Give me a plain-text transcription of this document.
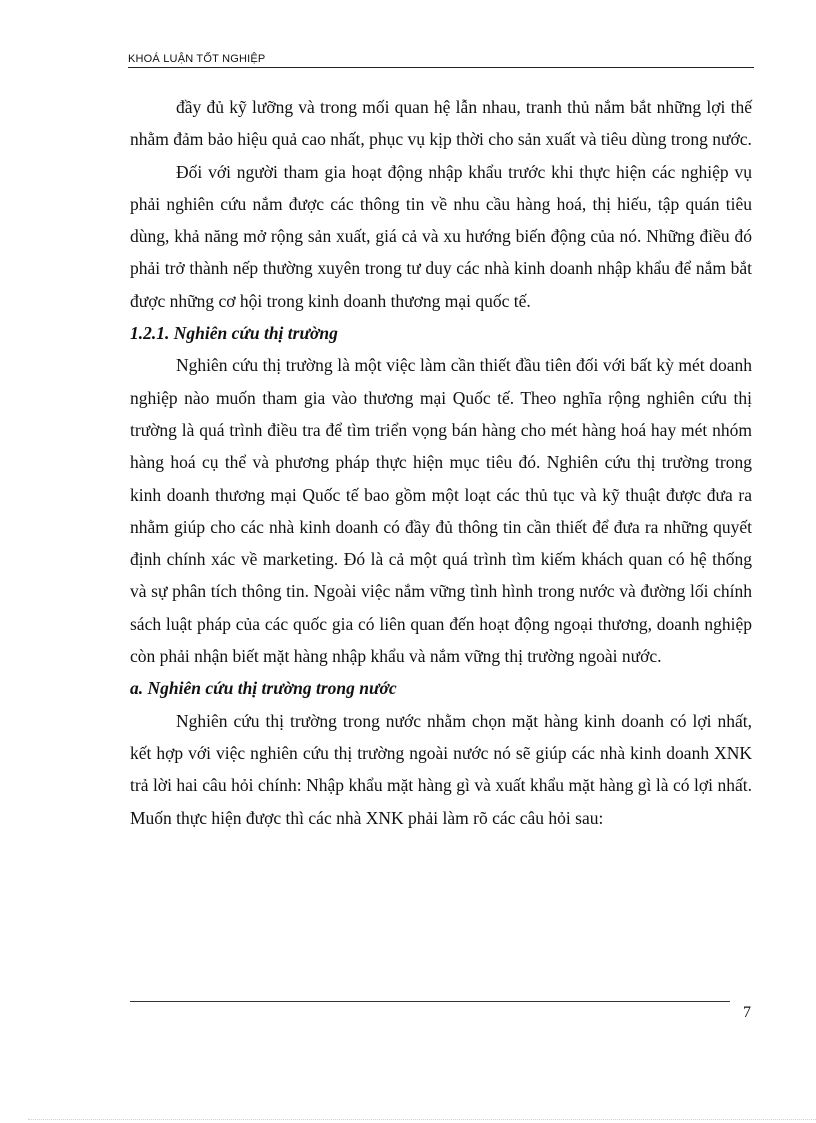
KHOÁ LUẬN TỐT NGHIỆP

đầy đủ kỹ lưỡng và trong mối quan hệ lẫn nhau, tranh thủ nắm bắt những lợi thế nhằm đảm bảo hiệu quả cao nhất, phục vụ kịp thời cho sản xuất và tiêu dùng trong nước.

Đối với người tham gia hoạt động nhập khẩu trước khi thực hiện các nghiệp vụ phải nghiên cứu nắm được các thông tin về nhu cầu hàng hoá, thị hiếu, tập quán tiêu dùng, khả năng mở rộng sản xuất, giá cả và xu hướng biến động của nó. Những điều đó phải trở thành nếp thường xuyên trong tư duy các nhà kinh doanh nhập khẩu để nắm bắt được những cơ hội trong kinh doanh thương mại quốc tế.

1.2.1. Nghiên cứu thị trường

Nghiên cứu thị trường là một việc làm cần thiết đầu tiên đối với bất kỳ mét doanh nghiệp nào muốn tham gia vào thương mại Quốc tế. Theo nghĩa rộng nghiên cứu thị trường là quá trình điều tra để tìm triển vọng bán hàng cho mét hàng hoá hay mét nhóm hàng hoá cụ thể và phương pháp thực hiện mục tiêu đó. Nghiên cứu thị trường trong kinh doanh thương mại Quốc tế bao gồm một loạt các thủ tục và kỹ thuật được đưa ra nhằm giúp cho các nhà kinh doanh có đầy đủ thông tin cần thiết để đưa ra những quyết định chính xác về marketing. Đó là cả một quá trình tìm kiếm khách quan có hệ thống và sự phân tích thông tin. Ngoài việc nắm vững tình hình trong nước và đường lối chính sách luật pháp của các quốc gia có liên quan đến hoạt động ngoại thương, doanh nghiệp còn phải nhận biết mặt hàng nhập khẩu và nắm vững thị trường ngoài nước.

a. Nghiên cứu thị trường trong nước

Nghiên cứu thị trường trong nước nhằm chọn mặt hàng kinh doanh có lợi nhất, kết hợp với việc nghiên cứu thị trường ngoài nước nó sẽ giúp các nhà kinh doanh XNK trả lời hai câu hỏi chính: Nhập khẩu mặt hàng gì và xuất khẩu mặt hàng gì là có lợi nhất. Muốn thực hiện được thì các nhà XNK phải làm rõ các câu hỏi sau:

7
